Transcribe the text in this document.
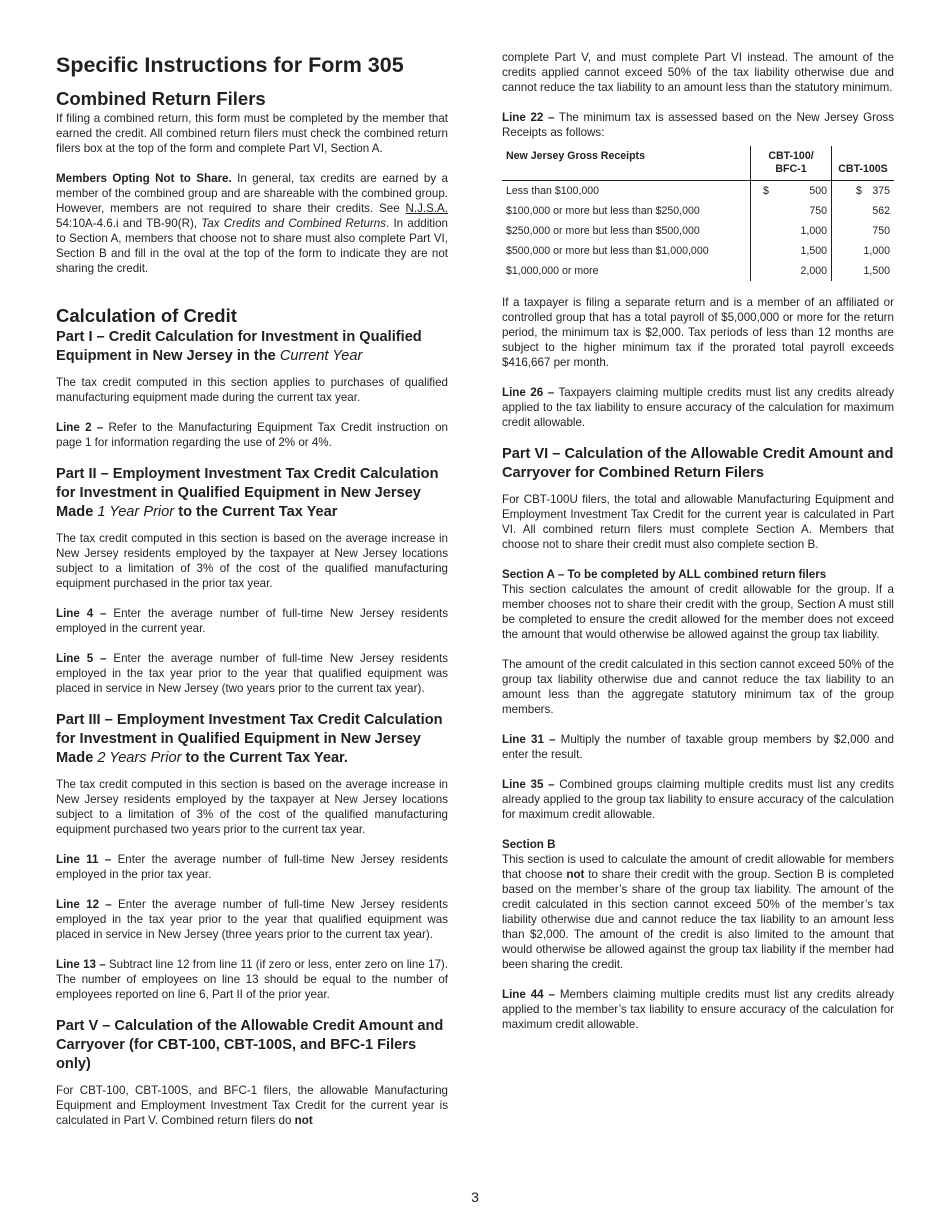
Specific Instructions for Form 305
Combined Return Filers

If filing a combined return, this form must be completed by the member that earned the credit. All combined return filers must check the combined return filers box at the top of the form and complete Part VI, Section A.

Members Opting Not to Share. In general, tax credits are earned by a member of the combined group and are shareable with the combined group. However, members are not required to share their credits. See N.J.S.A. 54:10A-4.6.i and TB-90(R), Tax Credits and Combined Returns. In addition to Section A, members that choose not to share must also complete Part VI, Section B and fill in the oval at the top of the form to indicate they are not sharing the credit.

Calculation of Credit
Part I – Credit Calculation for Investment in Qualified Equipment in New Jersey in the Current Year

The tax credit computed in this section applies to purchases of qualified manufacturing equipment made during the current tax year.

Line 2 – Refer to the Manufacturing Equipment Tax Credit instruction on page 1 for information regarding the use of 2% or 4%.

Part II – Employment Investment Tax Credit Calculation for Investment in Qualified Equipment in New Jersey Made 1 Year Prior to the Current Tax Year

The tax credit computed in this section is based on the average increase in New Jersey residents employed by the taxpayer at New Jersey locations subject to a limitation of 3% of the cost of the qualified manufacturing equipment purchased in the prior tax year.

Line 4 – Enter the average number of full-time New Jersey residents employed in the current year.

Line 5 – Enter the average number of full-time New Jersey residents employed in the tax year prior to the year that qualified equipment was placed in service in New Jersey (two years prior to the current tax year).

Part III – Employment Investment Tax Credit Calculation for Investment in Qualified Equipment in New Jersey Made 2 Years Prior to the Current Tax Year.

The tax credit computed in this section is based on the average increase in New Jersey residents employed by the taxpayer at New Jersey locations subject to a limitation of 3% of the cost of the qualified manufacturing equipment purchased two years prior to the current tax year.

Line 11 – Enter the average number of full-time New Jersey residents employed in the prior tax year.

Line 12 – Enter the average number of full-time New Jersey residents employed in the tax year prior to the year that qualified equipment was placed in service in New Jersey (three years prior to the current tax year).

Line 13 – Subtract line 12 from line 11 (if zero or less, enter zero on line 17). The number of employees on line 13 should be equal to the number of employees reported on line 6, Part II of the prior year.

Part V – Calculation of the Allowable Credit Amount and Carryover (for CBT-100, CBT-100S, and BFC-1 Filers only)

For CBT-100, CBT-100S, and BFC-1 filers, the allowable Manufacturing Equipment and Employment Investment Tax Credit for the current year is calculated in Part V. Combined return filers do not

complete Part V, and must complete Part VI instead. The amount of the credits applied cannot exceed 50% of the tax liability otherwise due and cannot reduce the tax liability to an amount less than the statutory minimum.

Line 22 – The minimum tax is assessed based on the New Jersey Gross Receipts as follows:

New Jersey Gross Receipts	CBT-100/ BFC-1	CBT-100S
Less than $100,000	$ 500	$ 375
$100,000 or more but less than $250,000	750	562
$250,000 or more but less than $500,000	1,000	750
$500,000 or more but less than $1,000,000	1,500	1,000
$1,000,000 or more	2,000	1,500

If a taxpayer is filing a separate return and is a member of an affiliated or controlled group that has a total payroll of $5,000,000 or more for the return period, the minimum tax is $2,000. Tax periods of less than 12 months are subject to the higher minimum tax if the prorated total payroll exceeds $416,667 per month.

Line 26 – Taxpayers claiming multiple credits must list any credits already applied to the tax liability to ensure accuracy of the calculation for maximum credit allowable.

Part VI – Calculation of the Allowable Credit Amount and Carryover for Combined Return Filers

For CBT-100U filers, the total and allowable Manufacturing Equipment and Employment Investment Tax Credit for the current year is calculated in Part VI. All combined return filers must complete Section A. Members that choose not to share their credit must also complete section B.

Section A – To be completed by ALL combined return filers

This section calculates the amount of credit allowable for the group. If a member chooses not to share their credit with the group, Section A must still be completed to ensure the credit allowed for the member does not exceed the amount that would otherwise be allowed against the group tax liability.

The amount of the credit calculated in this section cannot exceed 50% of the group tax liability otherwise due and cannot reduce the tax liability to an amount less than the aggregate statutory minimum tax of the group members.

Line 31 – Multiply the number of taxable group members by $2,000 and enter the result.

Line 35 – Combined groups claiming multiple credits must list any credits already applied to the group tax liability to ensure accuracy of the calculation for maximum credit allowable.

Section B

This section is used to calculate the amount of credit allowable for members that choose not to share their credit with the group. Section B is completed based on the member’s share of the group tax liability. The amount of the credit calculated in this section cannot exceed 50% of the member’s tax liability otherwise due and cannot reduce the tax liability to an amount less than $2,000. The amount of the credit is also limited to the amount that would otherwise be allowed against the group tax liability if the member had been sharing the credit.

Line 44 – Members claiming multiple credits must list any credits already applied to the member’s tax liability to ensure accuracy of the calculation for maximum credit allowable.

3
